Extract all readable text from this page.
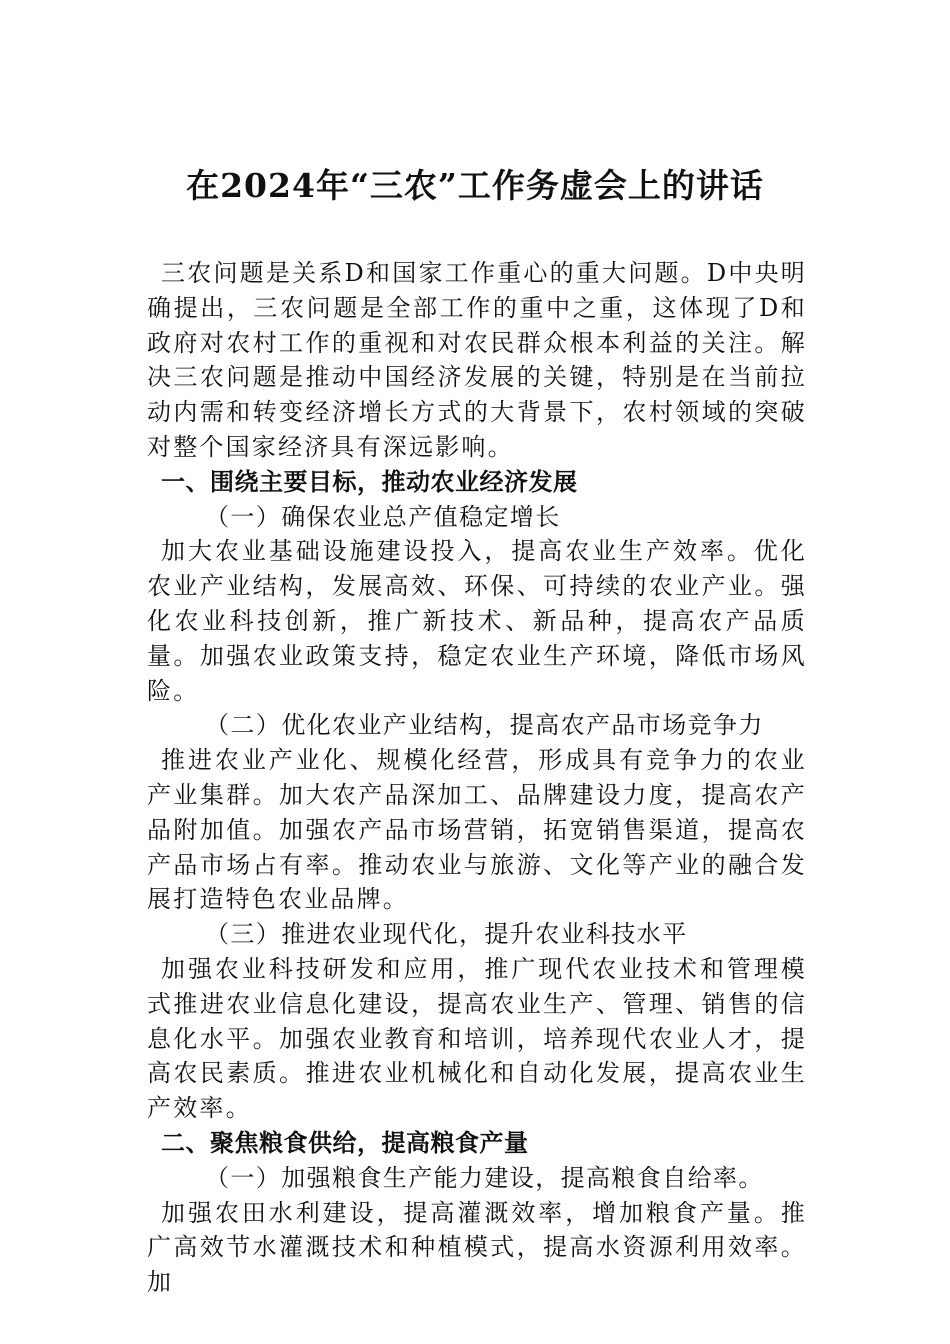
在2024年“三农”工作务虚会上的讲话

三农问题是关系D和国家工作重心的重大问题。D中央明确提出，三农问题是全部工作的重中之重，这体现了D和政府对农村工作的重视和对农民群众根本利益的关注。解决三农问题是推动中国经济发展的关键，特别是在当前拉动内需和转变经济增长方式的大背景下，农村领域的突破对整个国家经济具有深远影响。

一、围绕主要目标，推动农业经济发展

（一）确保农业总产值稳定增长

加大农业基础设施建设投入，提高农业生产效率。优化农业产业结构，发展高效、环保、可持续的农业产业。强化农业科技创新，推广新技术、新品种，提高农产品质量。加强农业政策支持，稳定农业生产环境，降低市场风险。

（二）优化农业产业结构，提高农产品市场竞争力

推进农业产业化、规模化经营，形成具有竞争力的农业产业集群。加大农产品深加工、品牌建设力度，提高农产品附加值。加强农产品市场营销，拓宽销售渠道，提高农产品市场占有率。推动农业与旅游、文化等产业的融合发展打造特色农业品牌。

（三）推进农业现代化，提升农业科技水平

加强农业科技研发和应用，推广现代农业技术和管理模式推进农业信息化建设，提高农业生产、管理、销售的信息化水平。加强农业教育和培训，培养现代农业人才，提高农民素质。推进农业机械化和自动化发展，提高农业生产效率。

二、聚焦粮食供给，提高粮食产量

（一）加强粮食生产能力建设，提高粮食自给率。

加强农田水利建设，提高灌溉效率，增加粮食产量。推广高效节水灌溉技术和种植模式，提高水资源利用效率。加
